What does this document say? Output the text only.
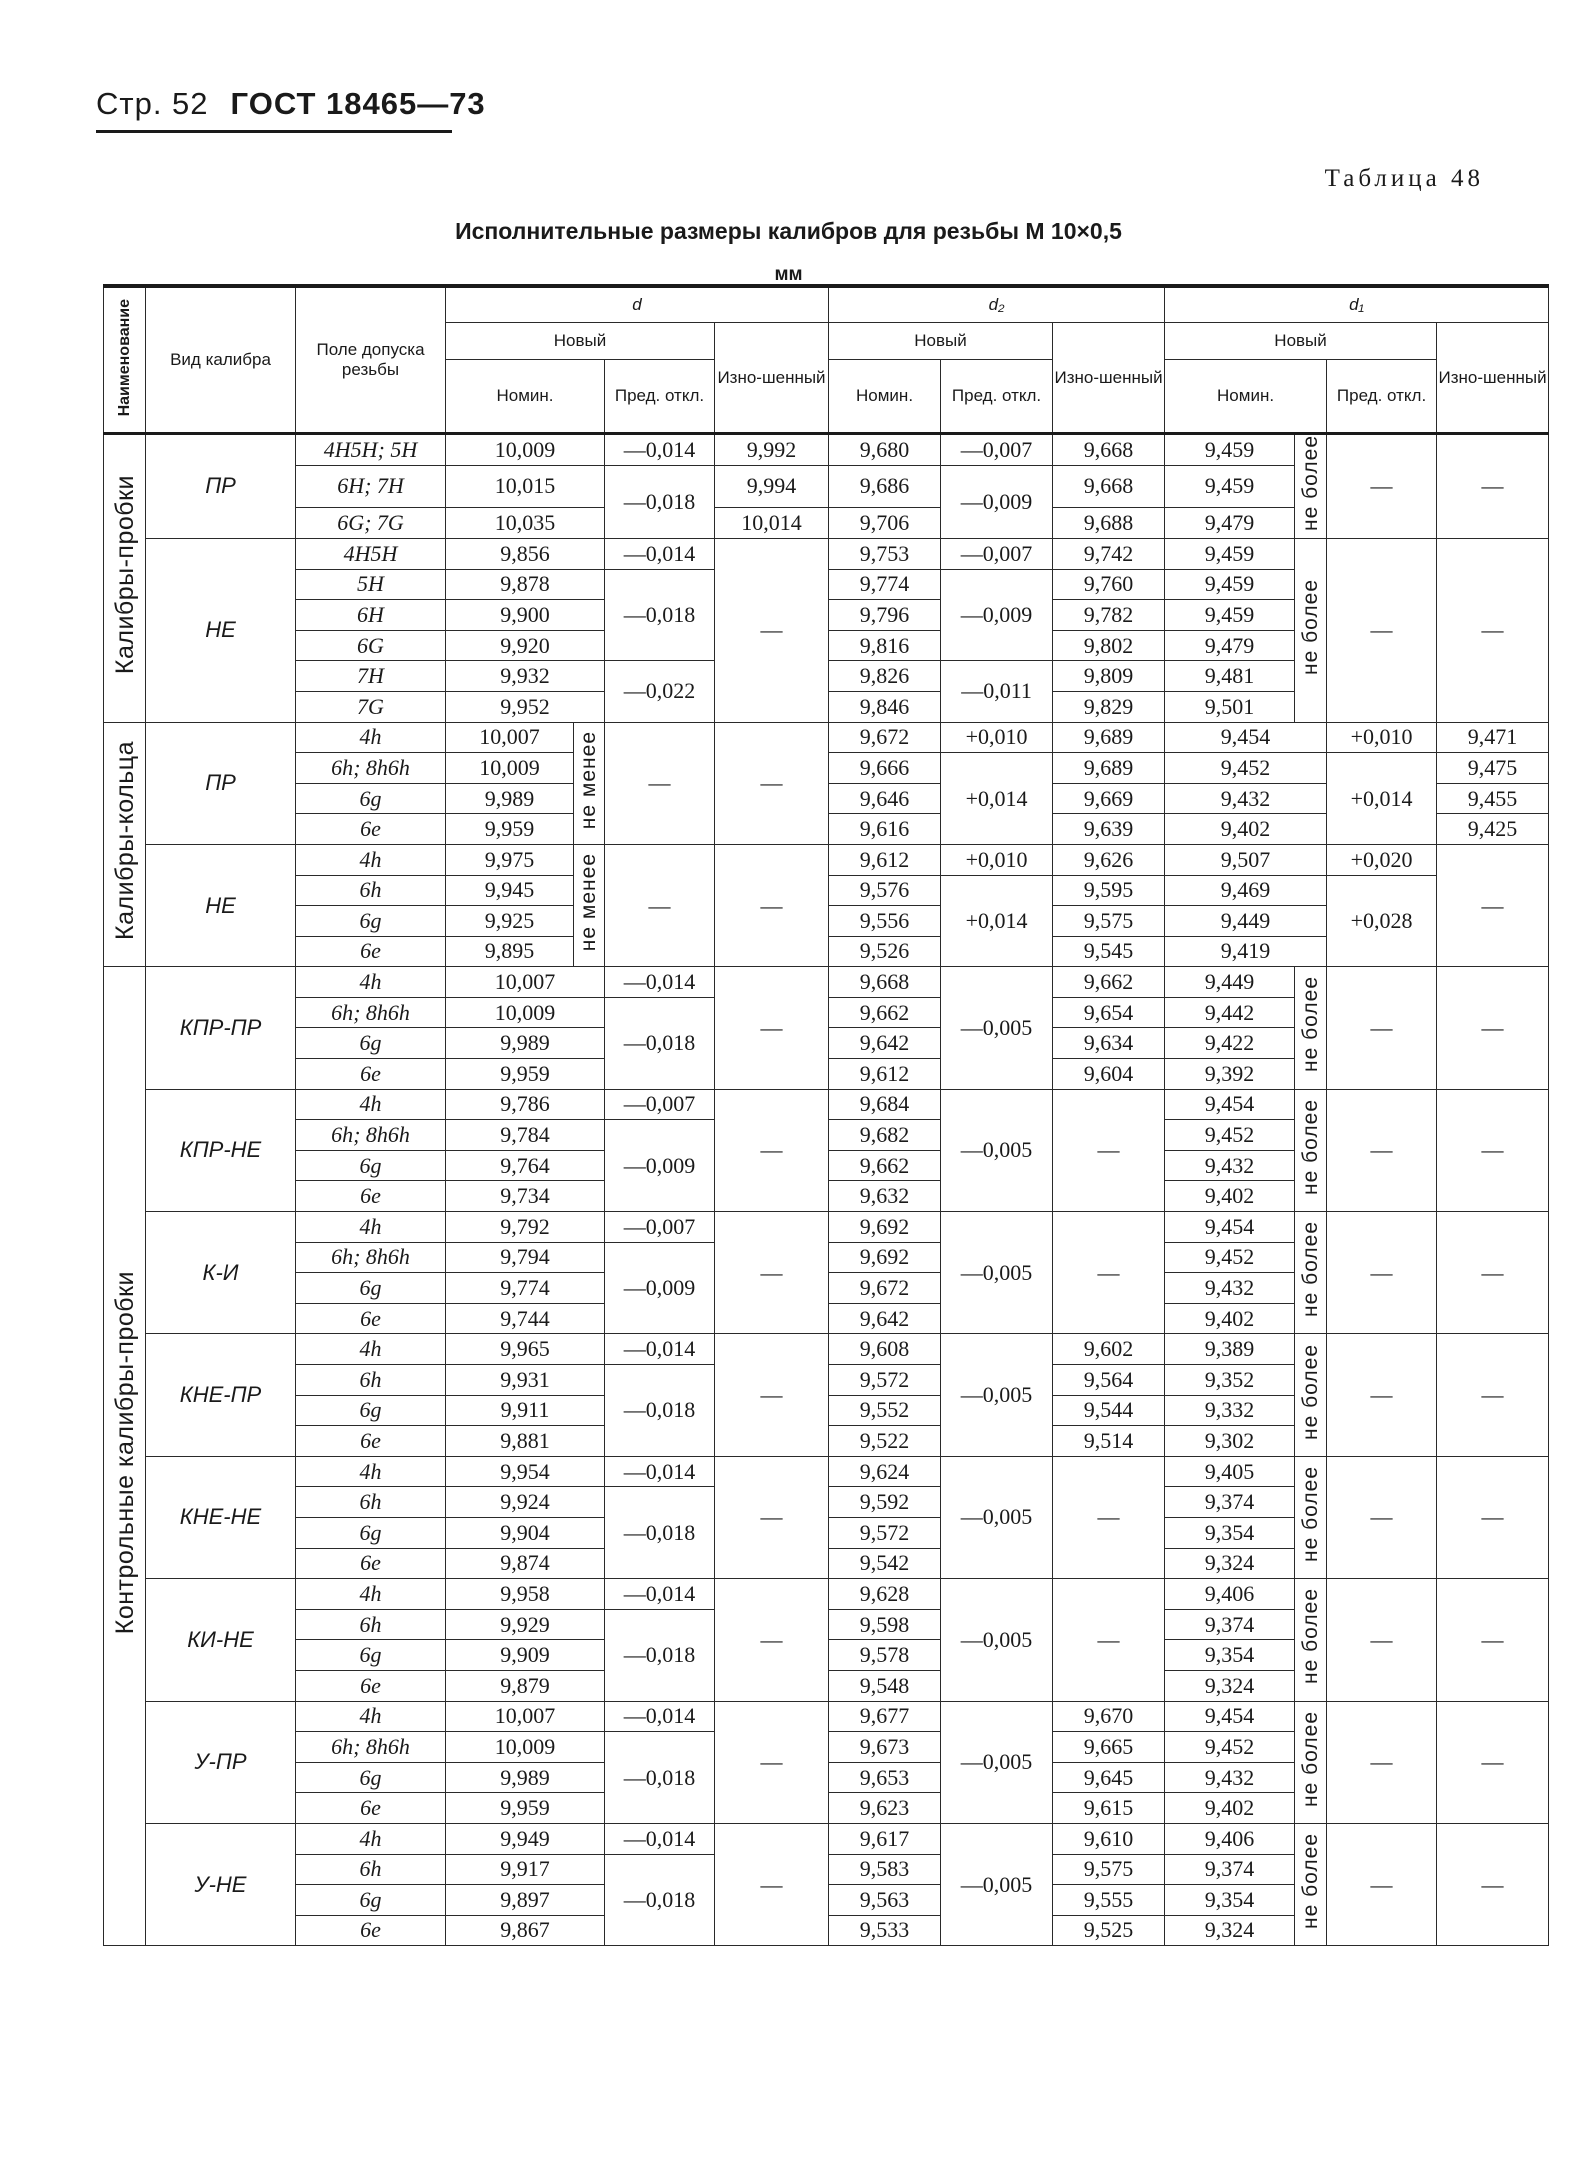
Стр. 52 ГОСТ 18465—73
Таблица 48
Исполнительные размеры калибров для резьбы М 10×0,5
мм
Наименование	Вид калибра	Поле допуска резьбы	d				d₂			d₁			
			Новый			Изно-шенный	Новый		Изно-шенный	Новый			Изно-шенный
			Номин.		Пред. откл.		Номин.	Пред. откл.		Номин.		Пред. откл.	
Калибры-пробки	ПР	4Н5Н; 5Н	10,009		—0,014	9,992	9,680	—0,007	9,668	9,459	не более	—	—
		6Н; 7Н	10,015		—0,018	9,994	9,686	—0,009	9,668	9,459			
		6G; 7G	10,035			10,014	9,706		9,688	9,479			
	НЕ	4Н5Н	9,856		—0,014	—	9,753	—0,007	9,742	9,459	не более	—	—
		5Н	9,878		—0,018		9,774	—0,009	9,760	9,459			
		6Н	9,900				9,796		9,782	9,459			
		6G	9,920				9,816		9,802	9,479			
		7Н	9,932		—0,022		9,826	—0,011	9,809	9,481			
		7G	9,952				9,846		9,829	9,501			
Калибры-кольца	ПР	4h	10,007	не менее	—	—	9,672	+0,010	9,689	9,454		+0,010	9,471
		6h; 8h6h	10,009				9,666	+0,014	9,689	9,452		+0,014	9,475
		6g	9,989				9,646		9,669	9,432			9,455
		6e	9,959				9,616		9,639	9,402			9,425
	НЕ	4h	9,975	не менее	—	—	9,612	+0,010	9,626	9,507		+0,020	—
		6h	9,945				9,576	+0,014	9,595	9,469		+0,028	
		6g	9,925				9,556		9,575	9,449			
		6e	9,895				9,526		9,545	9,419			
Контрольные калибры-пробки	КПР-ПР	4h	10,007		—0,014	—	9,668	—0,005	9,662	9,449	не более	—	—
		6h; 8h6h	10,009		—0,018		9,662		9,654	9,442			
		6g	9,989				9,642		9,634	9,422			
		6e	9,959				9,612		9,604	9,392			
	КПР-НЕ	4h	9,786		—0,007	—	9,684	—0,005	—	9,454	не более	—	—
		6h; 8h6h	9,784		—0,009		9,682			9,452			
		6g	9,764				9,662			9,432			
		6e	9,734				9,632			9,402			
	К-И	4h	9,792		—0,007	—	9,692	—0,005	—	9,454	не более	—	—
		6h; 8h6h	9,794		—0,009		9,692			9,452			
		6g	9,774				9,672			9,432			
		6e	9,744				9,642			9,402			
	КНЕ-ПР	4h	9,965		—0,014	—	9,608	—0,005	9,602	9,389	не более	—	—
		6h	9,931		—0,018		9,572		9,564	9,352			
		6g	9,911				9,552		9,544	9,332			
		6e	9,881				9,522		9,514	9,302			
	КНЕ-НЕ	4h	9,954		—0,014	—	9,624	—0,005	—	9,405	не более	—	—
		6h	9,924		—0,018		9,592			9,374			
		6g	9,904				9,572			9,354			
		6e	9,874				9,542			9,324			
	КИ-НЕ	4h	9,958		—0,014	—	9,628	—0,005	—	9,406	не более	—	—
		6h	9,929		—0,018		9,598			9,374			
		6g	9,909				9,578			9,354			
		6e	9,879				9,548			9,324			
	У-ПР	4h	10,007		—0,014	—	9,677	—0,005	9,670	9,454	не более	—	—
		6h; 8h6h	10,009		—0,018		9,673		9,665	9,452			
		6g	9,989				9,653		9,645	9,432			
		6e	9,959				9,623		9,615	9,402			
	У-НЕ	4h	9,949		—0,014	—	9,617	—0,005	9,610	9,406	не более	—	—
		6h	9,917		—0,018		9,583		9,575	9,374			
		6g	9,897				9,563		9,555	9,354			
		6e	9,867				9,533		9,525	9,324			
